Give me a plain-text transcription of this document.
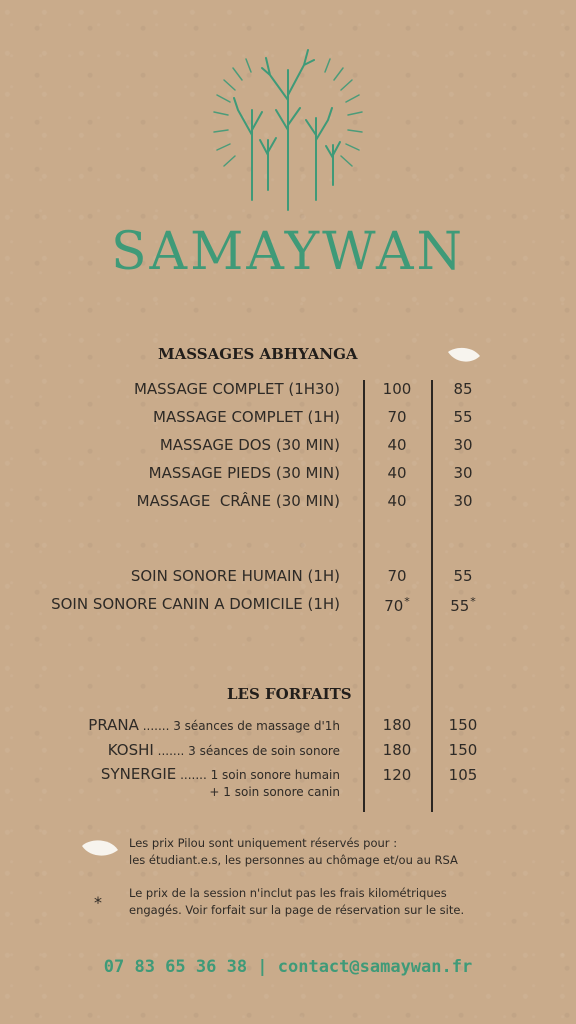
SAMAYWAN
MASSAGES ABHYANGA
MASSAGE COMPLET (1H30)	100	85
MASSAGE COMPLET (1H)	70	55
MASSAGE DOS (30 MIN)	40	30
MASSAGE PIEDS (30 MIN)	40	30
MASSAGE  CRÂNE (30 MIN)	40	30
SOIN SONORE HUMAIN (1H)	70	55
SOIN SONORE CANIN A DOMICILE (1H)	70*	55*
LES FORFAITS
PRANA ....... 3 séances de massage d'1h	180	150
KOSHI ....... 3 séances de soin sonore	180	150
SYNERGIE ....... 1 soin sonore humain
+ 1 soin sonore canin
120	105
Les prix Pilou sont uniquement réservés pour :
les étudiant.e.s, les personnes au chômage et/ou au RSA
* Le prix de la session n'inclut pas les frais kilométriques
engagés. Voir forfait sur la page de réservation sur le site.
07 83 65 36 38 | contact@samaywan.fr
